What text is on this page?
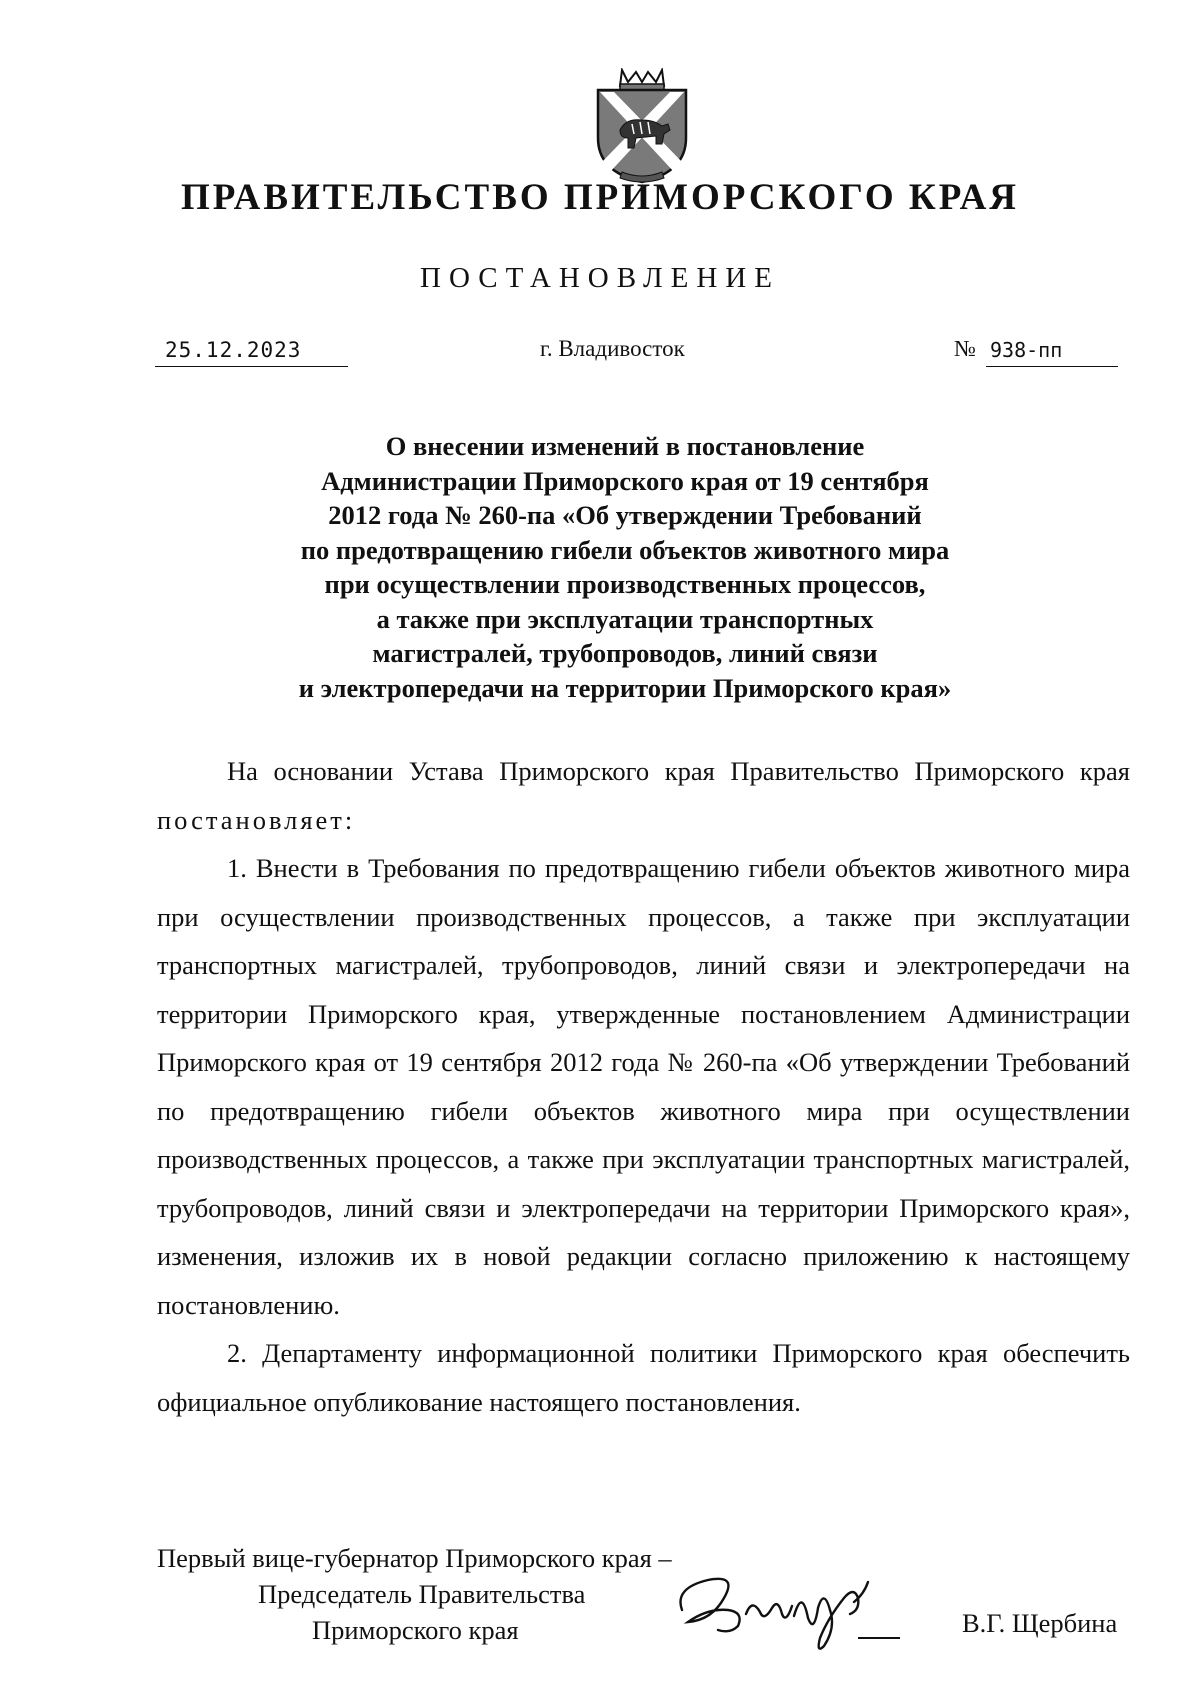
ПРАВИТЕЛЬСТВО ПРИМОРСКОГО КРАЯ
ПОСТАНОВЛЕНИЕ
25.12.2023	г. Владивосток	№ 938-пп
О внесении изменений в постановление
Администрации Приморского края от 19 сентября
2012 года № 260-па «Об утверждении Требований
по предотвращению гибели объектов животного мира
при осуществлении производственных процессов,
а также при эксплуатации транспортных
магистралей, трубопроводов, линий связи
и электропередачи на территории Приморского края»

На основании Устава Приморского края Правительство Приморского края постановляет:

1. Внести в Требования по предотвращению гибели объектов животного мира при осуществлении производственных процессов, а также при эксплуатации транспортных магистралей, трубопроводов, линий связи и электропередачи на территории Приморского края, утвержденные постановлением Администрации Приморского края от 19 сентября 2012 года № 260-па «Об утверждении Требований по предотвращению гибели объектов животного мира при осуществлении производственных процессов, а также при эксплуатации транспортных магистралей, трубопроводов, линий связи и электропередачи на территории Приморского края», изменения, изложив их в новой редакции согласно приложению к настоящему постановлению.

2. Департаменту информационной политики Приморского края обеспечить официальное опубликование настоящего постановления.

Первый вице-губернатор Приморского края –
Председатель Правительства
Приморского края	В.Г. Щербина
